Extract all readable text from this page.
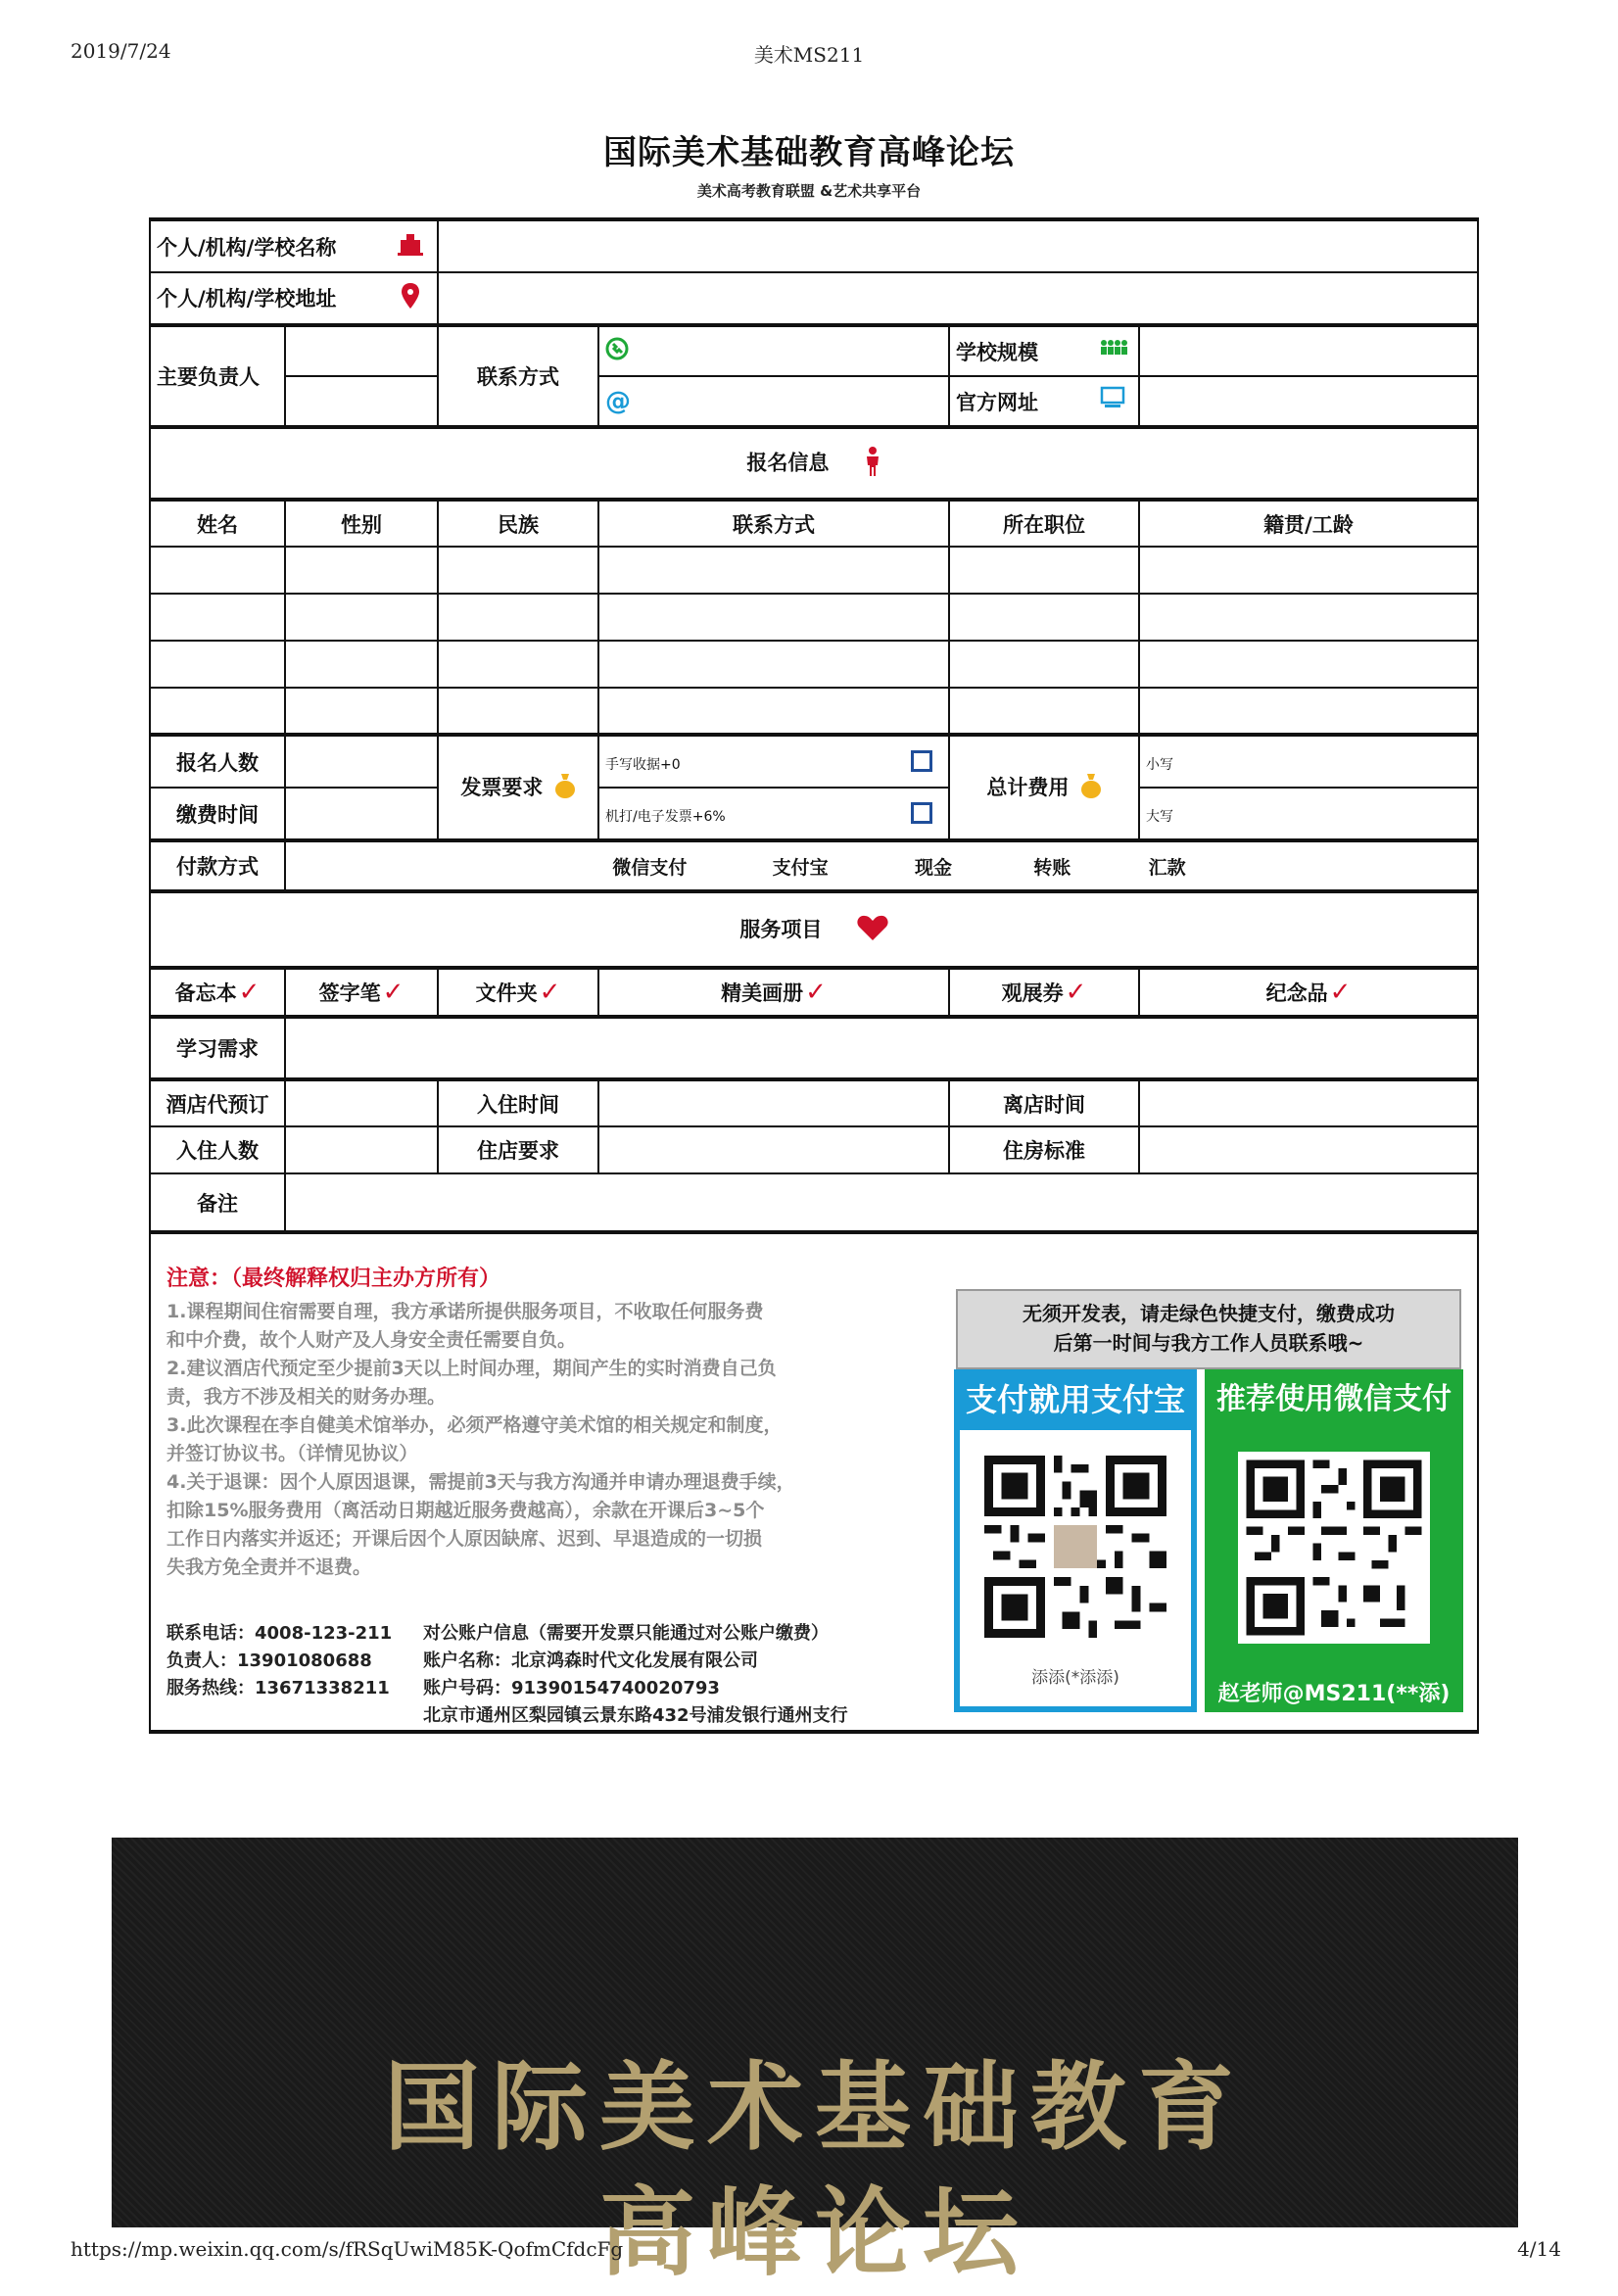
2019/7/24	美术MS211
国际美术基础教育高峰论坛
美术高考教育联盟 &艺术共享平台
个人/机构/学校名称				

个人/机构/学校地址				

主要负责人		联系方式		学校规模

			@	官方网址

报名信息					
姓名	性别	民族	联系方式	所在职位	籍贯/工龄

报名人数		发票要求	手写收据+0	总计费用	小写
缴费时间			机打/电子发票+6%		大写
付款方式	微信支付 支付宝 现金 转账 汇款				
服务项目					
备忘本✓	签字笔✓	文件夹✓	精美画册✓	观展券✓	纪念品✓
学习需求					
酒店代预订		入住时间		离店时间	
入住人数		住店要求		住房标准	
备注					

注意：（最终解释权归主办方所有）
1.课程期间住宿需要自理，我方承诺所提供服务项目，不收取任何服务费
和中介费，故个人财产及人身安全责任需要自负。
2.建议酒店代预定至少提前3天以上时间办理，期间产生的实时消费自己负
责，我方不涉及相关的财务办理。
3.此次课程在李自健美术馆举办，必须严格遵守美术馆的相关规定和制度，
并签订协议书。（详情见协议）
4.关于退课：因个人原因退课，需提前3天与我方沟通并申请办理退费手续，
扣除15%服务费用（离活动日期越近服务费越高），余款在开课后3~5个
工作日内落实并返还；开课后因个人原因缺席、迟到、早退造成的一切损
失我方免全责并不退费。
联系电话：4008-123-211
负责人：13901080688
服务热线：13671338211
对公账户信息（需要开发票只能通过对公账户缴费）
账户名称：北京鸿森时代文化发展有限公司
账户号码：91390154740020793
北京市通州区梨园镇云景东路432号浦发银行通州支行
无须开发表，请走绿色快捷支付，缴费成功
后第一时间与我方工作人员联系哦~
支付就用支付宝
添添(*添添)
推荐使用微信支付
赵老师@MS211(**添)
国际美术基础教育
高峰论坛
https://mp.weixin.qq.com/s/fRSqUwiM85K-QofmCfdcFg	4/14
